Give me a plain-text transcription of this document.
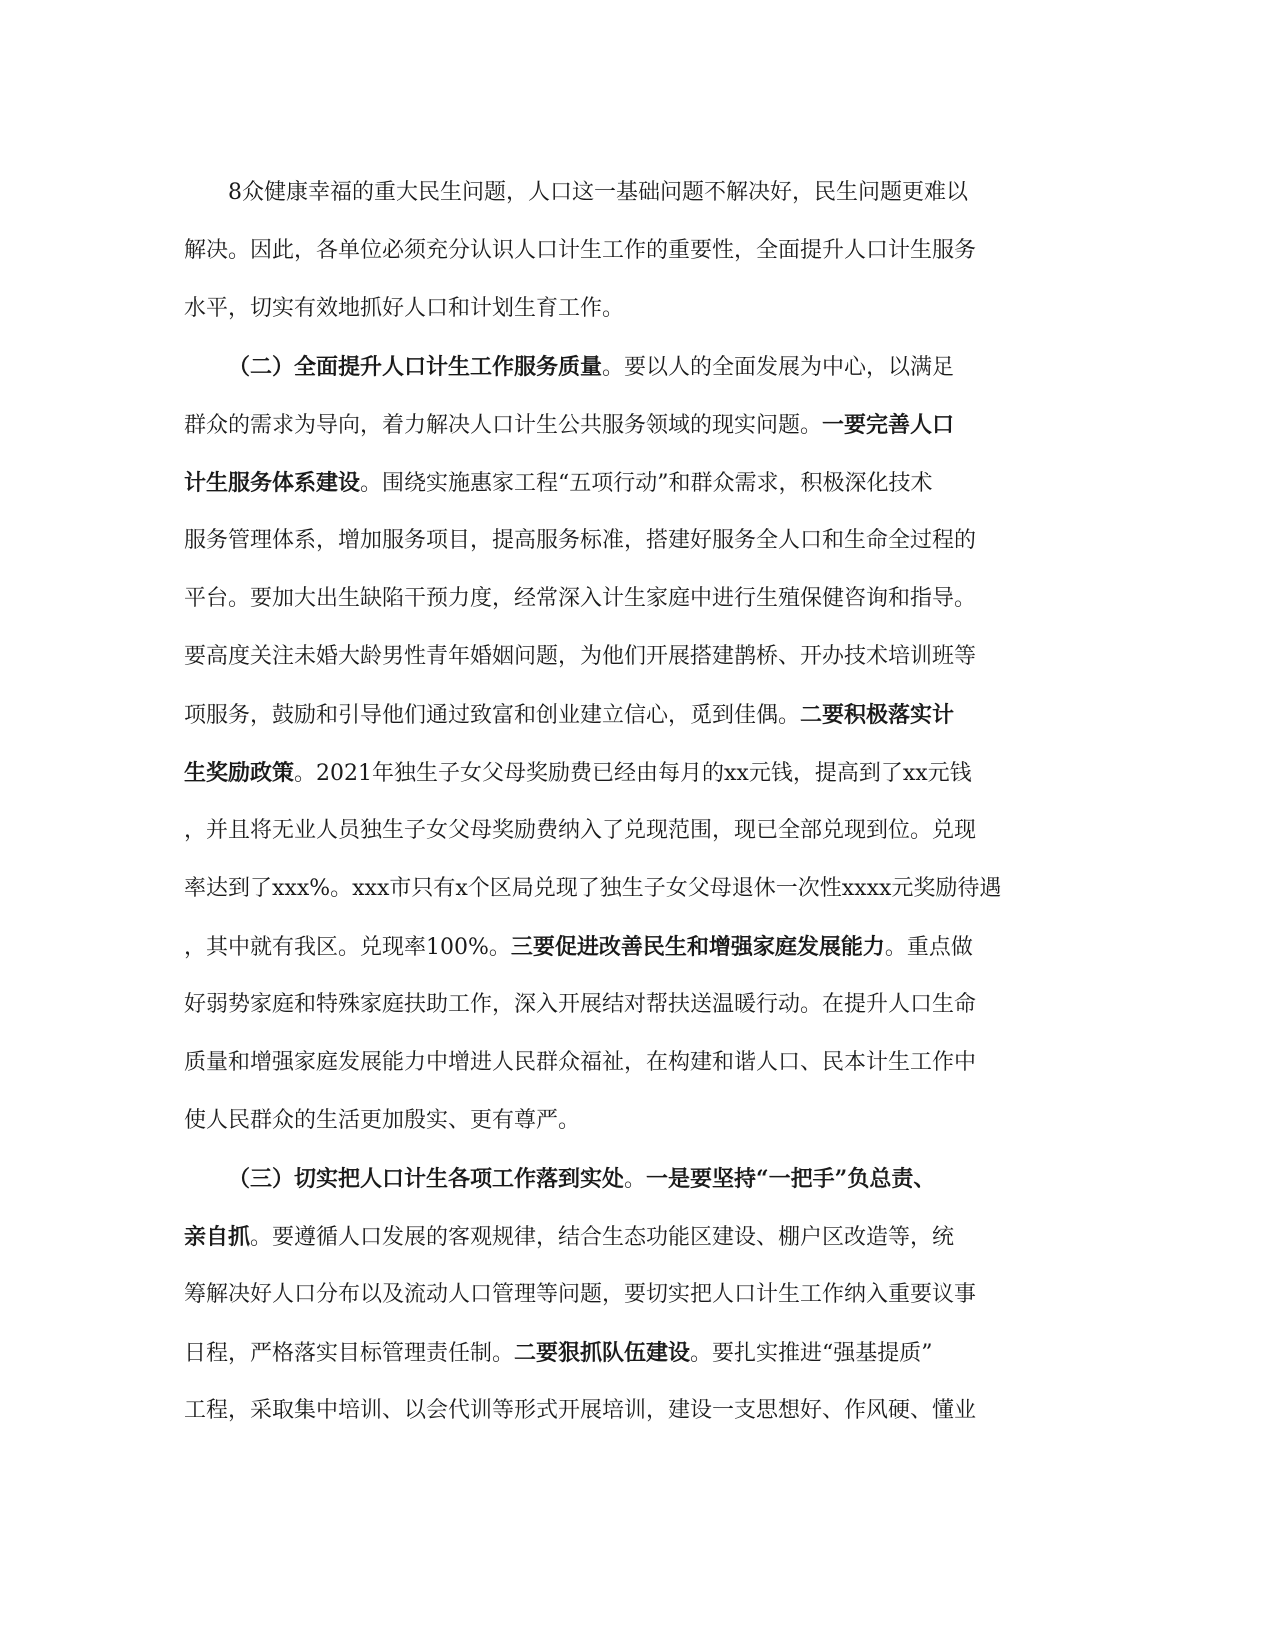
8众健康幸福的重大民生问题，人口这一基础问题不解决好，民生问题更难以
解决。因此，各单位必须充分认识人口计生工作的重要性，全面提升人口计生服务
水平，切实有效地抓好人口和计划生育工作。
（二）全面提升人口计生工作服务质量。要以人的全面发展为中心，以满足
群众的需求为导向，着力解决人口计生公共服务领域的现实问题。一要完善人口
计生服务体系建设。围绕实施惠家工程“五项行动”和群众需求，积极深化技术
服务管理体系，增加服务项目，提高服务标准，搭建好服务全人口和生命全过程的
平台。要加大出生缺陷干预力度，经常深入计生家庭中进行生殖保健咨询和指导。
要高度关注未婚大龄男性青年婚姻问题，为他们开展搭建鹊桥、开办技术培训班等
项服务，鼓励和引导他们通过致富和创业建立信心，觅到佳偶。二要积极落实计
生奖励政策。2021年独生子女父母奖励费已经由每月的xx元钱，提高到了xx元钱
，并且将无业人员独生子女父母奖励费纳入了兑现范围，现已全部兑现到位。兑现
率达到了xxx%。xxx市只有x个区局兑现了独生子女父母退休一次性xxxx元奖励待遇
，其中就有我区。兑现率100%。三要促进改善民生和增强家庭发展能力。重点做
好弱势家庭和特殊家庭扶助工作，深入开展结对帮扶送温暖行动。在提升人口生命
质量和增强家庭发展能力中增进人民群众福祉，在构建和谐人口、民本计生工作中
使人民群众的生活更加殷实、更有尊严。
（三）切实把人口计生各项工作落到实处。一是要坚持“一把手”负总责、
亲自抓。要遵循人口发展的客观规律，结合生态功能区建设、棚户区改造等，统
筹解决好人口分布以及流动人口管理等问题，要切实把人口计生工作纳入重要议事
日程，严格落实目标管理责任制。二要狠抓队伍建设。要扎实推进“强基提质”
工程，采取集中培训、以会代训等形式开展培训，建设一支思想好、作风硬、懂业
